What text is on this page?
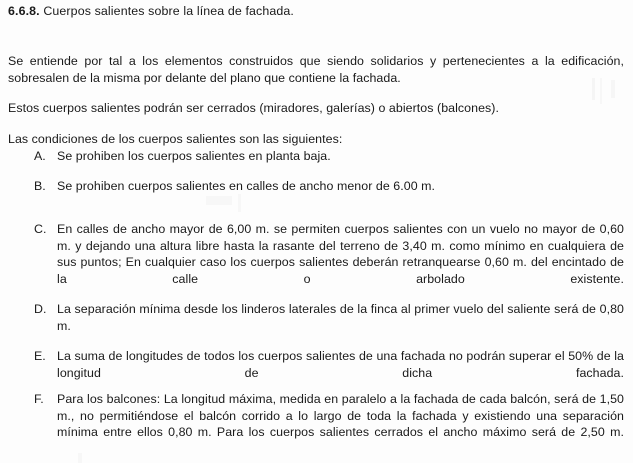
6.6.8. Cuerpos salientes sobre la línea de fachada.

Se entiende por tal a los elementos construidos que siendo solidarios y pertenecientes a la edificación, sobresalen de la misma por delante del plano que contiene la fachada.

Estos cuerpos salientes podrán ser cerrados (miradores, galerías) o abiertos (balcones).

Las condiciones de los cuerpos salientes son las siguientes:

A. Se prohiben los cuerpos salientes en planta baja.
B. Se prohiben cuerpos salientes en calles de ancho menor de 6.00 m.
C. En calles de ancho mayor de 6,00 m. se permiten cuerpos salientes con un vuelo no mayor de 0,60 m. y dejando una altura libre hasta la rasante del terreno de 3,40 m. como mínimo en cualquiera de sus puntos; En cualquier caso los cuerpos salientes deberán retranquearse 0,60 m. del encintado de la calle o arbolado existente.
D. La separación mínima desde los linderos laterales de la finca al primer vuelo del saliente será de 0,80 m.
E. La suma de longitudes de todos los cuerpos salientes de una fachada no podrán superar el 50% de la longitud de dicha fachada.
F.	Para los balcones: La longitud máxima, medida en paralelo a la fachada de cada balcón, será de 1,50 m., no permitiéndose el balcón corrido a lo largo de toda la fachada y existiendo una separación mínima entre ellos 0,80 m. Para los cuerpos salientes cerrados el ancho máximo será de 2,50 m.
